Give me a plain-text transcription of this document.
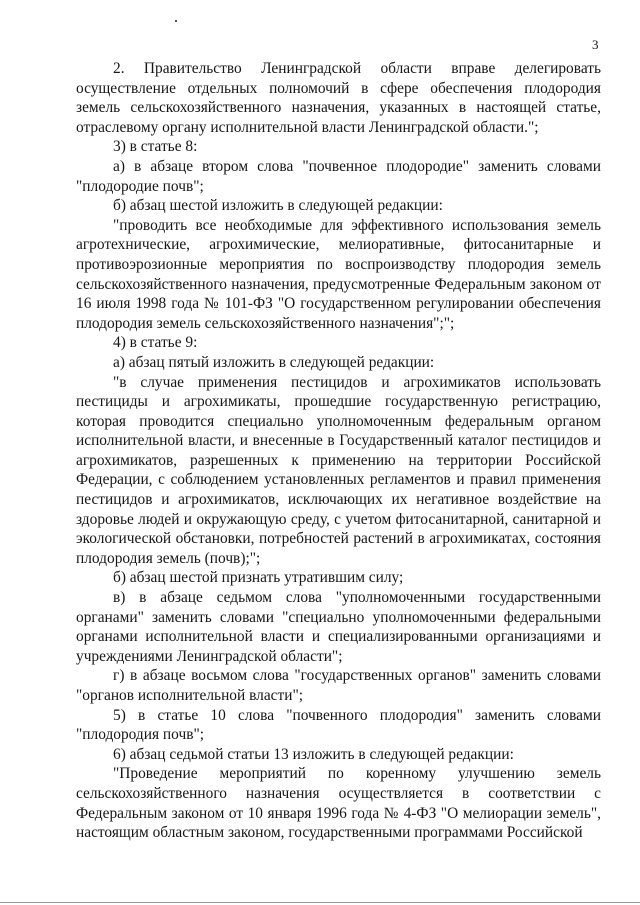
3

2. Правительство Ленинградской области вправе делегировать осуществление отдельных полномочий в сфере обеспечения плодородия земель сельскохозяйственного назначения, указанных в настоящей статье, отраслевому органу исполнительной власти Ленинградской области.";

3) в статье 8:

а) в абзаце втором слова "почвенное плодородие" заменить словами "плодородие почв";

б) абзац шестой изложить в следующей редакции:

"проводить все необходимые для эффективного использования земель агротехнические, агрохимические, мелиоративные, фитосанитарные и противоэрозионные мероприятия по воспроизводству плодородия земель сельскохозяйственного назначения, предусмотренные Федеральным законом от 16 июля 1998 года № 101-ФЗ "О государственном регулировании обеспечения плодородия земель сельскохозяйственного назначения";";

4) в статье 9:

а) абзац пятый изложить в следующей редакции:

"в случае применения пестицидов и агрохимикатов использовать пестициды и агрохимикаты, прошедшие государственную регистрацию, которая проводится специально уполномоченным федеральным органом исполнительной власти, и внесенные в Государственный каталог пестицидов и агрохимикатов, разрешенных к применению на территории Российской Федерации, с соблюдением установленных регламентов и правил применения пестицидов и агрохимикатов, исключающих их негативное воздействие на здоровье людей и окружающую среду, с учетом фитосанитарной, санитарной и экологической обстановки, потребностей растений в агрохимикатах, состояния плодородия земель (почв);";

б) абзац шестой признать утратившим силу;

в) в абзаце седьмом слова "уполномоченными государственными органами" заменить словами "специально уполномоченными федеральными органами исполнительной власти и специализированными организациями и учреждениями Ленинградской области";

г) в абзаце восьмом слова "государственных органов" заменить словами "органов исполнительной власти";

5) в статье 10 слова "почвенного плодородия" заменить словами "плодородия почв";

6) абзац седьмой статьи 13 изложить в следующей редакции:

"Проведение мероприятий по коренному улучшению земель сельскохозяйственного назначения осуществляется в соответствии с Федеральным законом от 10 января 1996 года № 4-ФЗ "О мелиорации земель", настоящим областным законом, государственными программами Российской
